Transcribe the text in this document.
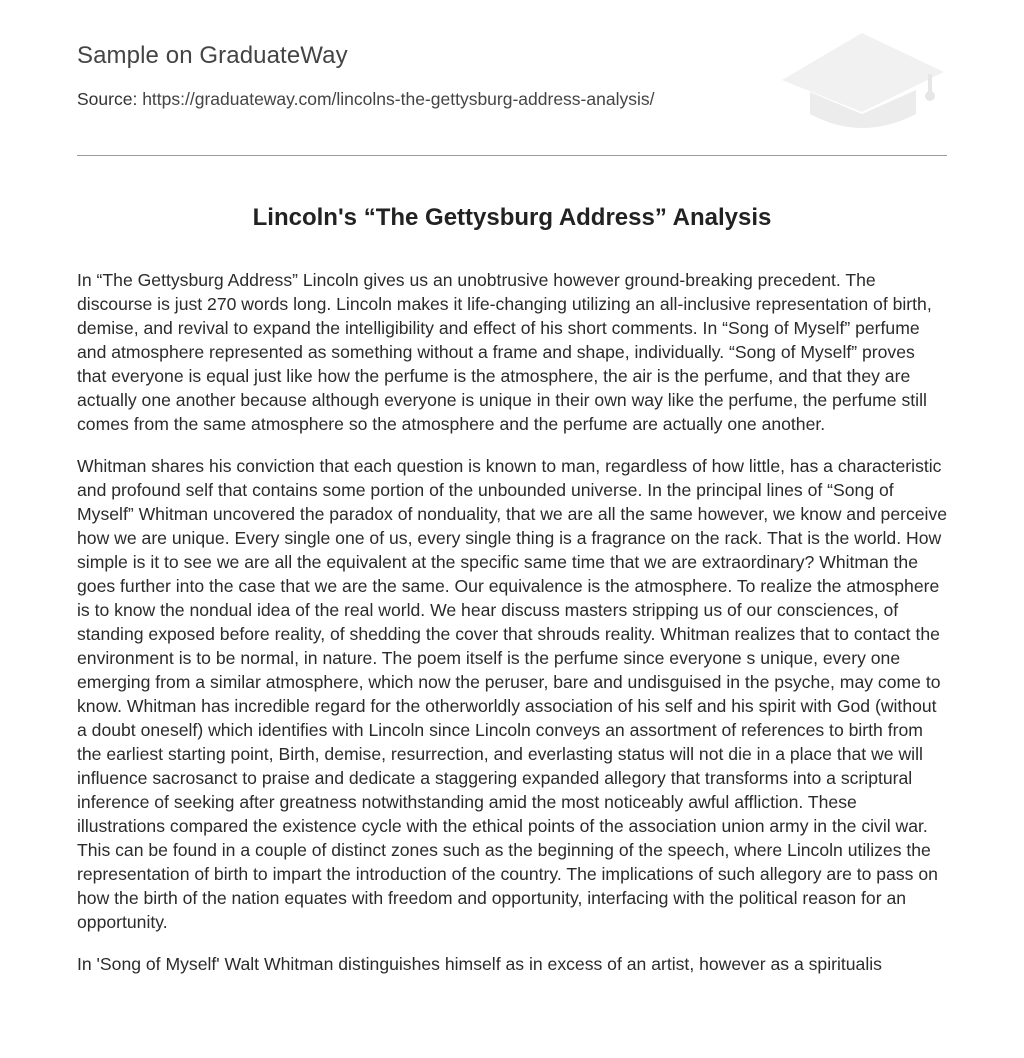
Sample on GraduateWay
Source: https://graduateway.com/lincolns-the-gettysburg-address-analysis/
Lincoln's “The Gettysburg Address” Analysis

In “The Gettysburg Address” Lincoln gives us an unobtrusive however ground-breaking precedent. The discourse is just 270 words long. Lincoln makes it life-changing utilizing an all-inclusive representation of birth, demise, and revival to expand the intelligibility and effect of his short comments. In “Song of Myself” perfume and atmosphere represented as something without a frame and shape, individually. “Song of Myself” proves that everyone is equal just like how the perfume is the atmosphere, the air is the perfume, and that they are actually one another because although everyone is unique in their own way like the perfume, the perfume still comes from the same atmosphere so the atmosphere and the perfume are actually one another.

Whitman shares his conviction that each question is known to man, regardless of how little, has a characteristic and profound self that contains some portion of the unbounded universe. In the principal lines of “Song of Myself” Whitman uncovered the paradox of nonduality, that we are all the same however, we know and perceive how we are unique. Every single one of us, every single thing is a fragrance on the rack. That is the world. How simple is it to see we are all the equivalent at the specific same time that we are extraordinary? Whitman the goes further into the case that we are the same. Our equivalence is the atmosphere. To realize the atmosphere is to know the nondual idea of the real world. We hear discuss masters stripping us of our consciences, of standing exposed before reality, of shedding the cover that shrouds reality. Whitman realizes that to contact the environment is to be normal, in nature. The poem itself is the perfume since everyone s unique, every one emerging from a similar atmosphere, which now the peruser, bare and undisguised in the psyche, may come to know. Whitman has incredible regard for the otherworldly association of his self and his spirit with God (without a doubt oneself) which identifies with Lincoln since Lincoln conveys an assortment of references to birth from the earliest starting point, Birth, demise, resurrection, and everlasting status will not die in a place that we will influence sacrosanct to praise and dedicate a staggering expanded allegory that transforms into a scriptural inference of seeking after greatness notwithstanding amid the most noticeably awful affliction. These illustrations compared the existence cycle with the ethical points of the association union army in the civil war. This can be found in a couple of distinct zones such as the beginning of the speech, where Lincoln utilizes the representation of birth to impart the introduction of the country. The implications of such allegory are to pass on how the birth of the nation equates with freedom and opportunity, interfacing with the political reason for an opportunity.

In 'Song of Myself' Walt Whitman distinguishes himself as in excess of an artist, however as a spiritualis
